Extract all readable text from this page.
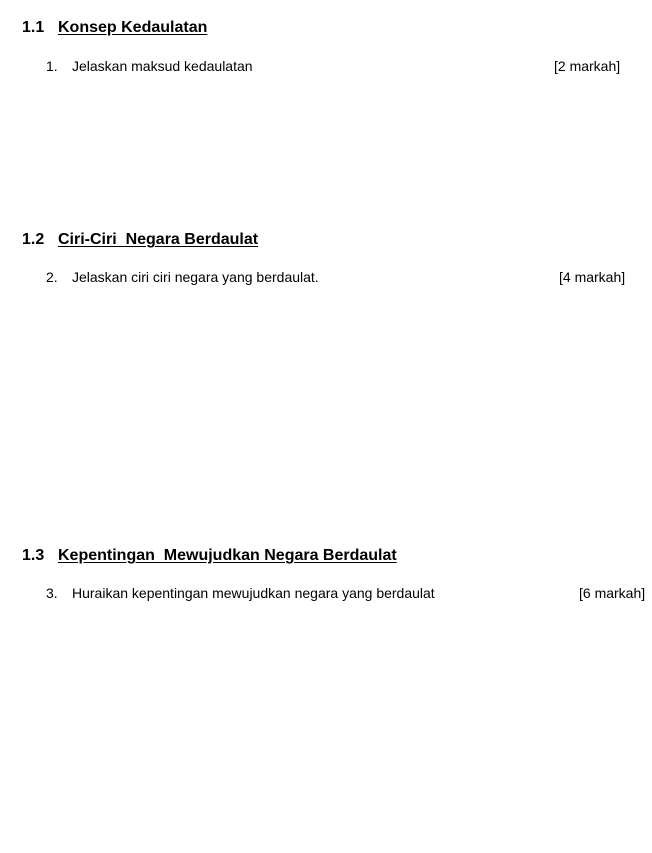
1.1 Konsep Kedaulatan
1. Jelaskan maksud kedaulatan	[2 markah]
1.2 Ciri-Ciri  Negara Berdaulat
2. Jelaskan ciri ciri negara yang berdaulat.	[4 markah]
1.3 Kepentingan  Mewujudkan Negara Berdaulat
3. Huraikan kepentingan mewujudkan negara yang berdaulat	[6 markah]
